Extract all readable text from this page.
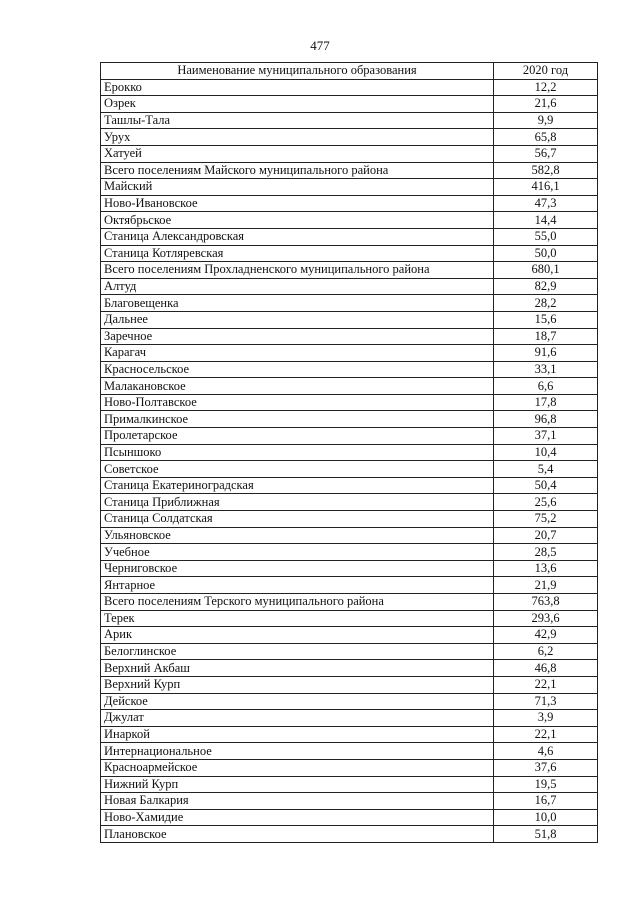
477
Наименование муниципального образования	2020 год
Ерокко	12,2
Озрек	21,6
Ташлы-Тала	9,9
Урух	65,8
Хатуей	56,7
Всего поселениям Майского муниципального района	582,8
Майский	416,1
Ново-Ивановское	47,3
Октябрьское	14,4
Станица Александровская	55,0
Станица Котляревская	50,0
Всего поселениям Прохладненского муниципального района	680,1
Алтуд	82,9
Благовещенка	28,2
Дальнее	15,6
Заречное	18,7
Карагач	91,6
Красносельское	33,1
Малакановское	6,6
Ново-Полтавское	17,8
Прималкинское	96,8
Пролетарское	37,1
Псыншоко	10,4
Советское	5,4
Станица Екатериноградская	50,4
Станица Приближная	25,6
Станица Солдатская	75,2
Ульяновское	20,7
Учебное	28,5
Черниговское	13,6
Янтарное	21,9
Всего поселениям Терского муниципального района	763,8
Терек	293,6
Арик	42,9
Белоглинское	6,2
Верхний Акбаш	46,8
Верхний Курп	22,1
Дейское	71,3
Джулат	3,9
Инаркой	22,1
Интернациональное	4,6
Красноармейское	37,6
Нижний Курп	19,5
Новая Балкария	16,7
Ново-Хамидие	10,0
Плановское	51,8
